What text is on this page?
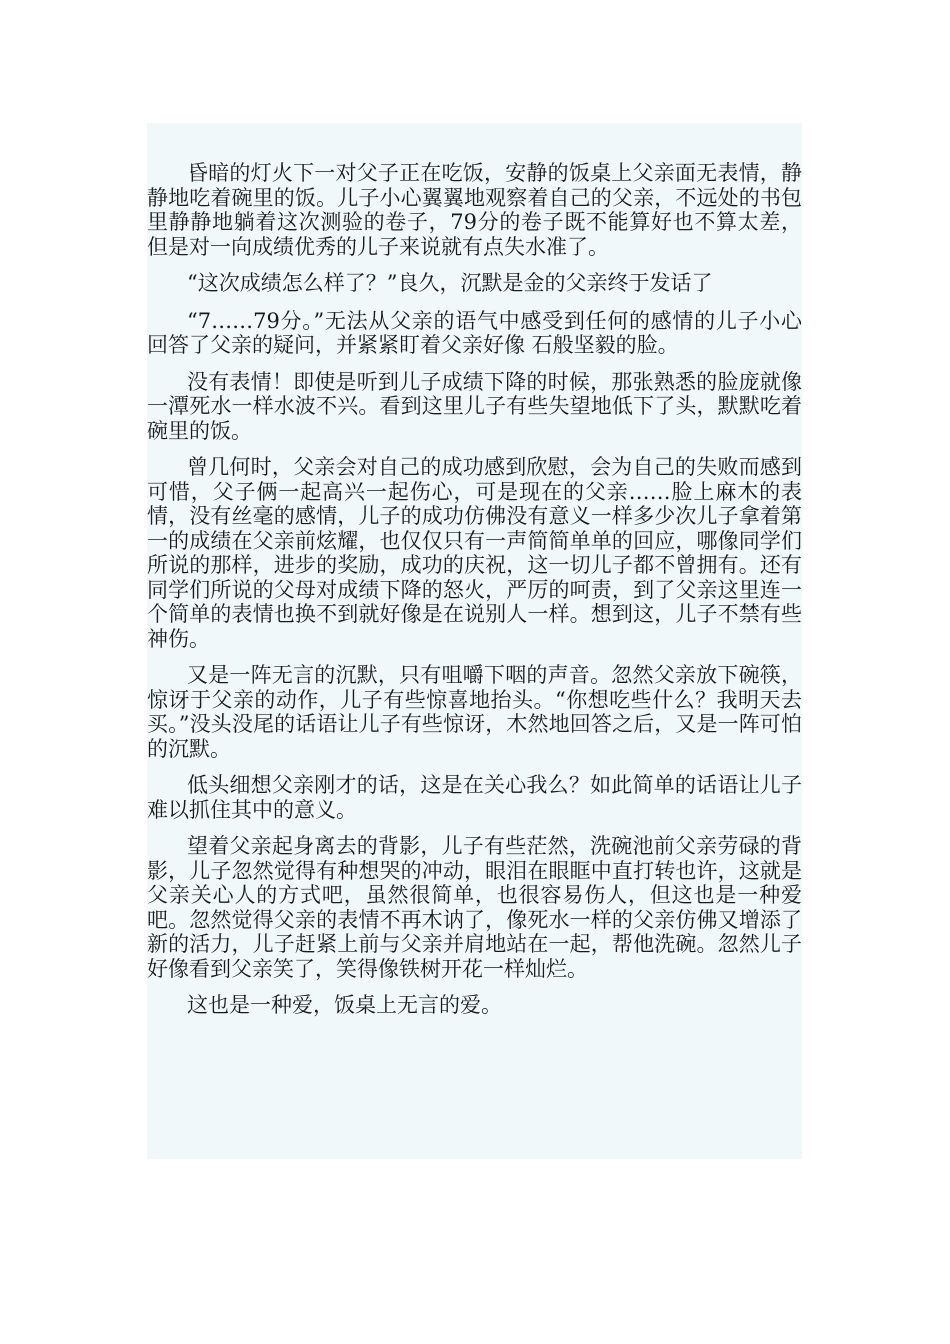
昏暗的灯火下一对父子正在吃饭，安静的饭桌上父亲面无表情，静静地吃着碗里的饭。儿子小心翼翼地观察着自己的父亲，不远处的书包里静静地躺着这次测验的卷子，79分的卷子既不能算好也不算太差，但是对一向成绩优秀的儿子来说就有点失水准了。

“这次成绩怎么样了？”良久，沉默是金的父亲终于发话了

“7……79分。”无法从父亲的语气中感受到任何的感情的儿子小心回答了父亲的疑问，并紧紧盯着父亲好像 石般坚毅的脸。

没有表情！即使是听到儿子成绩下降的时候，那张熟悉的脸庞就像一潭死水一样水波不兴。看到这里儿子有些失望地低下了头，默默吃着碗里的饭。

曾几何时，父亲会对自己的成功感到欣慰，会为自己的失败而感到可惜，父子俩一起高兴一起伤心，可是现在的父亲……脸上麻木的表情，没有丝毫的感情，儿子的成功仿佛没有意义一样多少次儿子拿着第一的成绩在父亲前炫耀，也仅仅只有一声简简单单的回应，哪像同学们所说的那样，进步的奖励，成功的庆祝，这一切儿子都不曾拥有。还有同学们所说的父母对成绩下降的怒火，严厉的呵责，到了父亲这里连一个简单的表情也换不到就好像是在说别人一样。想到这，儿子不禁有些神伤。

又是一阵无言的沉默，只有咀嚼下咽的声音。忽然父亲放下碗筷，惊讶于父亲的动作，儿子有些惊喜地抬头。“你想吃些什么？我明天去买。”没头没尾的话语让儿子有些惊讶，木然地回答之后，又是一阵可怕的沉默。

低头细想父亲刚才的话，这是在关心我么？如此简单的话语让儿子难以抓住其中的意义。

望着父亲起身离去的背影，儿子有些茫然，洗碗池前父亲劳碌的背影，儿子忽然觉得有种想哭的冲动，眼泪在眼眶中直打转也许，这就是父亲关心人的方式吧，虽然很简单，也很容易伤人，但这也是一种爱吧。忽然觉得父亲的表情不再木讷了，像死水一样的父亲仿佛又增添了新的活力，儿子赶紧上前与父亲并肩地站在一起，帮他洗碗。忽然儿子好像看到父亲笑了，笑得像铁树开花一样灿烂。

这也是一种爱，饭桌上无言的爱。
